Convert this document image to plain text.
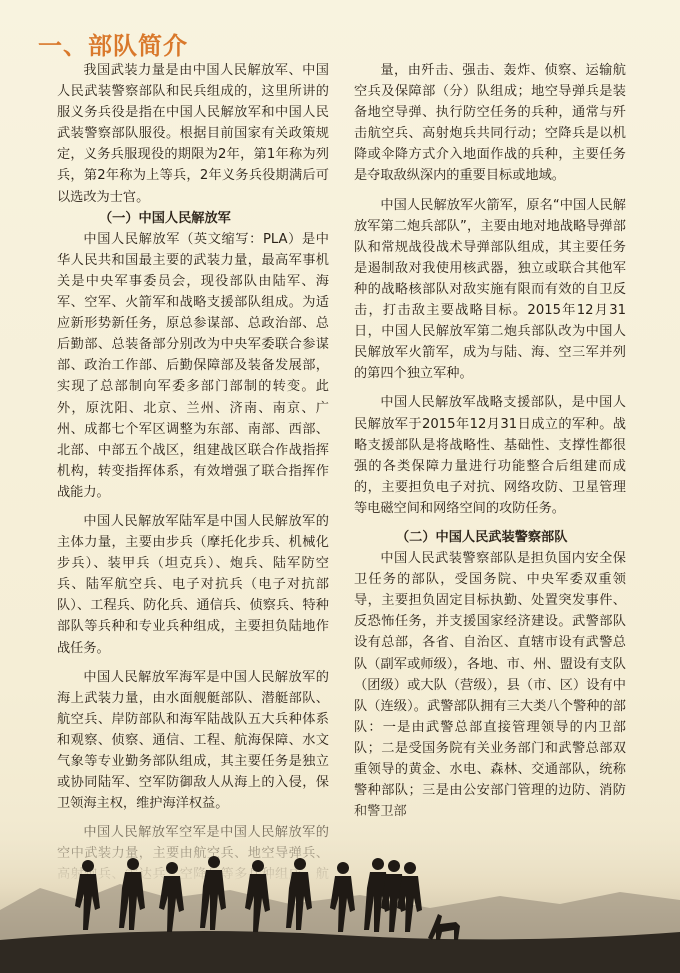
一、部队简介

我国武装力量是由中国人民解放军、中国人民武装警察部队和民兵组成的，这里所讲的服义务兵役是指在中国人民解放军和中国人民武装警察部队服役。根据目前国家有关政策规定，义务兵服现役的期限为2年，第1年称为列兵，第2年称为上等兵，2年义务兵役期满后可以选改为士官。

（一）中国人民解放军

中国人民解放军（英文缩写：PLA）是中华人民共和国最主要的武装力量，最高军事机关是中央军事委员会，现役部队由陆军、海军、空军、火箭军和战略支援部队组成。为适应新形势新任务，原总参谋部、总政治部、总后勤部、总装备部分别改为中央军委联合参谋部、政治工作部、后勤保障部及装备发展部，实现了总部制向军委多部门部制的转变。此外，原沈阳、北京、兰州、济南、南京、广州、成都七个军区调整为东部、南部、西部、北部、中部五个战区，组建战区联合作战指挥机构，转变指挥体系，有效增强了联合指挥作战能力。

中国人民解放军陆军是中国人民解放军的主体力量，主要由步兵（摩托化步兵、机械化步兵）、装甲兵（坦克兵）、炮兵、陆军防空兵、陆军航空兵、电子对抗兵（电子对抗部队）、工程兵、防化兵、通信兵、侦察兵、特种部队等兵种和专业兵种组成，主要担负陆地作战任务。

中国人民解放军海军是中国人民解放军的海上武装力量，由水面舰艇部队、潜艇部队、航空兵、岸防部队和海军陆战队五大兵种体系和观察、侦察、通信、工程、航海保障、水文气象等专业勤务部队组成，其主要任务是独立或协同陆军、空军防御敌人从海上的入侵，保

量，由歼击、强击、轰炸、侦察、运输航空兵及保障部（分）队组成；地空导弹兵是装备地空导弹、执行防空任务的兵种，通常与歼击航空兵、高射炮兵共同行动；空降兵是以机降或伞降方式介入地面作战的兵种，主要任务是夺取敌纵深内的重要目标或地域。

中国人民解放军火箭军，原名“中国人民解放军第二炮兵部队”，主要由地对地战略导弹部队和常规战役战术导弹部队组成，其主要任务是遏制敌对我使用核武器，独立或联合其他军种的战略核部队对敌实施有限而有效的自卫反击，打击敌主要战略目标。2015年12月31日，中国人民解放军第二炮兵部队改为中国人民解放军火箭军，成为与陆、海、空三军并列的第四个独立军种。

中国人民解放军战略支援部队，是中国人民解放军于2015年12月31日成立的军种。战略支援部队是将战略性、基础性、支撑性都很强的各类保障力量进行功能整合后组建而成的，主要担负电子对抗、网络攻防、卫星管理等电磁空间和网络空间的攻防任务。

（二）中国人民武装警察部队

中国人民武装警察部队是担负国内安全保卫任务的部队，受国务院、中央军委双重领导，主要担负固定目标执勤、处置突发事件、反恐怖任务，并支援国家经济建设。武警部队设有总部，各省、自治区、直辖市设有武警总队（副军或师级），各地、市、州、盟设有支队（团级）或大队（营级），县（市、区）设有中队（连级）。武警部队拥有三大类八个警种的部队：一是由武警总部直接管理领导的内卫部队；二是受国务院有关业务部门和武警总部双重领导的黄金、水电、森林、交通部队，统称警种部队；三是由公安部门管理的边防、消防
